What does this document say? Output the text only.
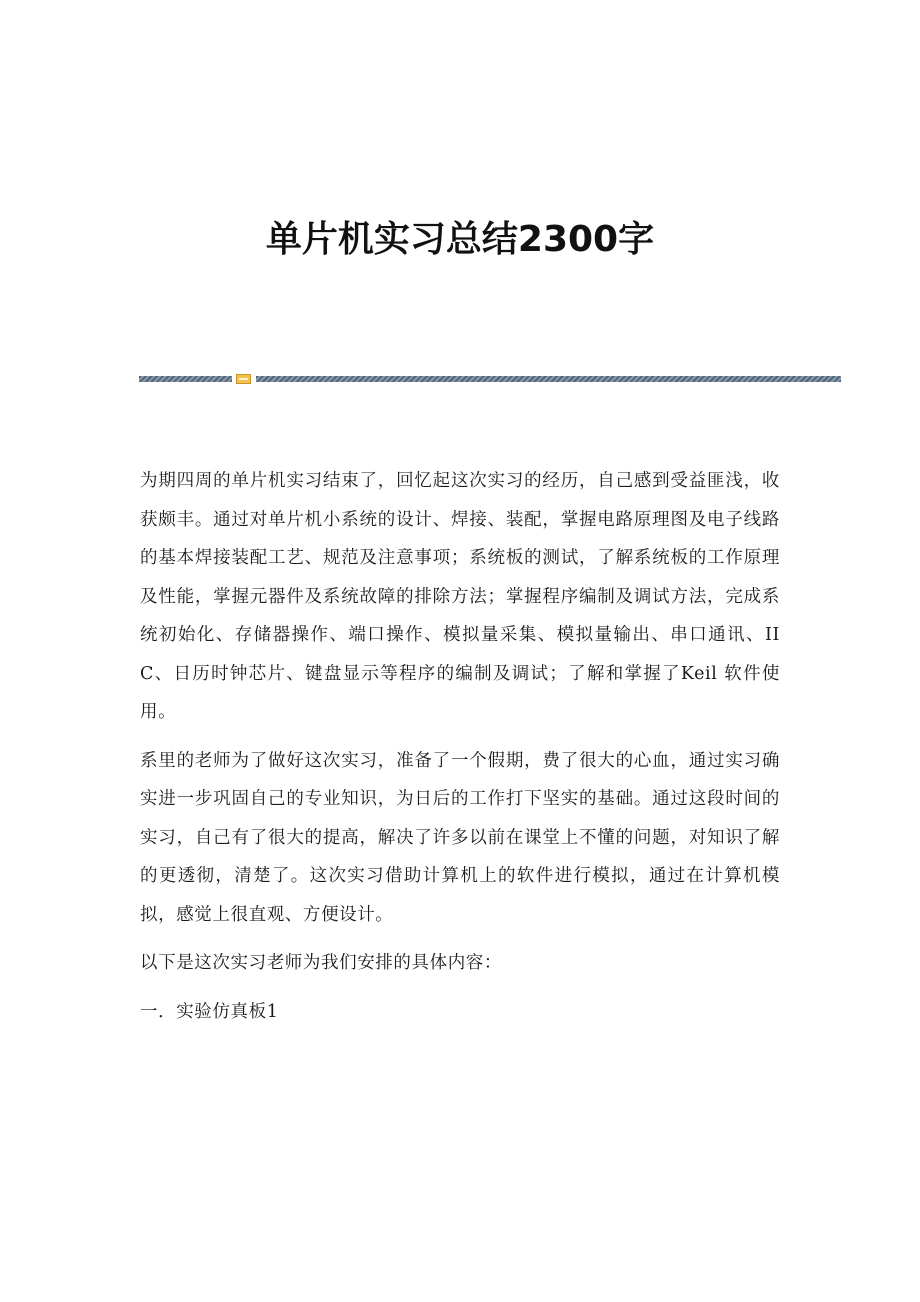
单片机实习总结2300字

为期四周的单片机实习结束了，回忆起这次实习的经历，自己感到受益匪浅，收获颇丰。通过对单片机小系统的设计、焊接、装配，掌握电路原理图及电子线路的基本焊接装配工艺、规范及注意事项；系统板的测试，了解系统板的工作原理及性能，掌握元器件及系统故障的排除方法；掌握程序编制及调试方法，完成系统初始化、存储器操作、端口操作、模拟量采集、模拟量输出、串口通讯、IIC、日历时钟芯片、键盘显示等程序的编制及调试；了解和掌握了Keil 软件使用。

系里的老师为了做好这次实习，准备了一个假期，费了很大的心血，通过实习确实进一步巩固自己的专业知识，为日后的工作打下坚实的基础。通过这段时间的实习，自己有了很大的提高，解决了许多以前在课堂上不懂的问题，对知识了解的更透彻，清楚了。这次实习借助计算机上的软件进行模拟，通过在计算机模拟，感觉上很直观、方便设计。

以下是这次实习老师为我们安排的具体内容：

一．实验仿真板1
